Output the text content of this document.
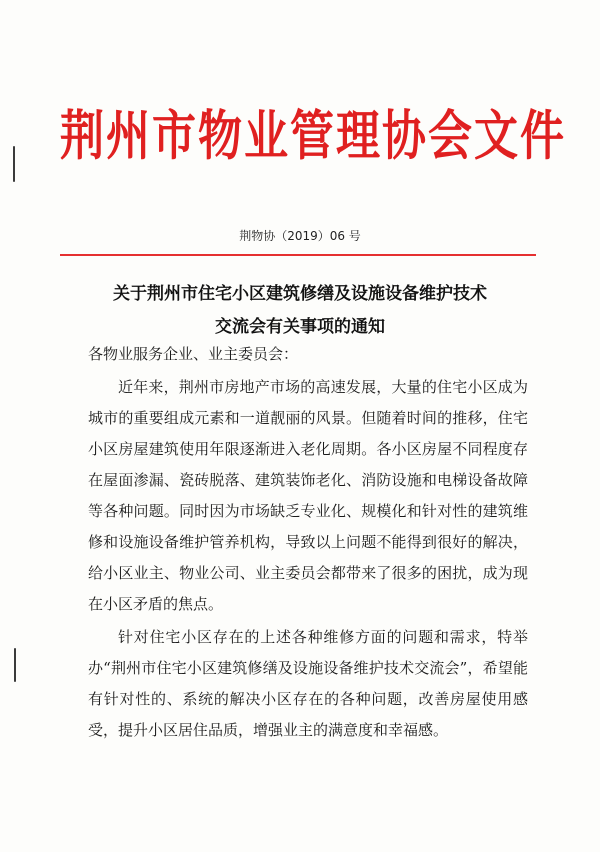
荆州市物业管理协会文件
荆物协（2019）06 号
关于荆州市住宅小区建筑修缮及设施设备维护技术
交流会有关事项的通知
各物业服务企业、业主委员会：
近年来，荆州市房地产市场的高速发展，大量的住宅小区成为城市的重要组成元素和一道靓丽的风景。但随着时间的推移，住宅小区房屋建筑使用年限逐渐进入老化周期。各小区房屋不同程度存在屋面渗漏、瓷砖脱落、建筑装饰老化、消防设施和电梯设备故障等各种问题。同时因为市场缺乏专业化、规模化和针对性的建筑维修和设施设备维护管养机构，导致以上问题不能得到很好的解决，给小区业主、物业公司、业主委员会都带来了很多的困扰，成为现在小区矛盾的焦点。
针对住宅小区存在的上述各种维修方面的问题和需求，特举办“荆州市住宅小区建筑修缮及设施设备维护技术交流会”，希望能有针对性的、系统的解决小区存在的各种问题，改善房屋使用感受，提升小区居住品质，增强业主的满意度和幸福感。
